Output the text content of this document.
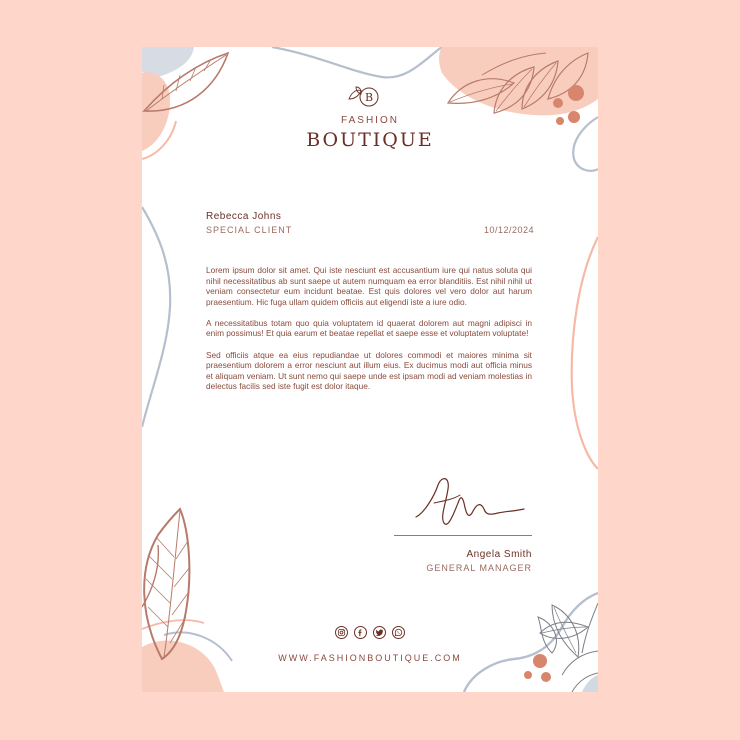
B
FASHION
BOUTIQUE
Rebecca Johns
SPECIAL CLIENT	10/12/2024

Lorem ipsum dolor sit amet. Qui iste nesciunt est accusantium iure qui natus soluta qui nihil necessitatibus ab sunt saepe ut autem numquam ea error blanditiis. Est nihil nihil ut veniam consectetur eum incidunt beatae. Est quis dolores vel vero dolor aut harum praesentium. Hic fuga ullam quidem officiis aut eligendi iste a iure odio.

A necessitatibus totam quo quia voluptatem id quaerat dolorem aut magni adipisci in enim possimus! Et quia earum et beatae repellat et saepe esse et voluptatem voluptate!

Sed officiis atque ea eius repudiandae ut dolores commodi et maiores minima sit praesentium dolorem a error nesciunt aut illum eius. Ex ducimus modi aut officia minus et aliquam veniam. Ut sunt nemo qui saepe unde est ipsam modi ad veniam molestias in delectus facilis sed iste fugit est dolor itaque.

Angela Smith
GENERAL MANAGER
WWW.FASHIONBOUTIQUE.COM
